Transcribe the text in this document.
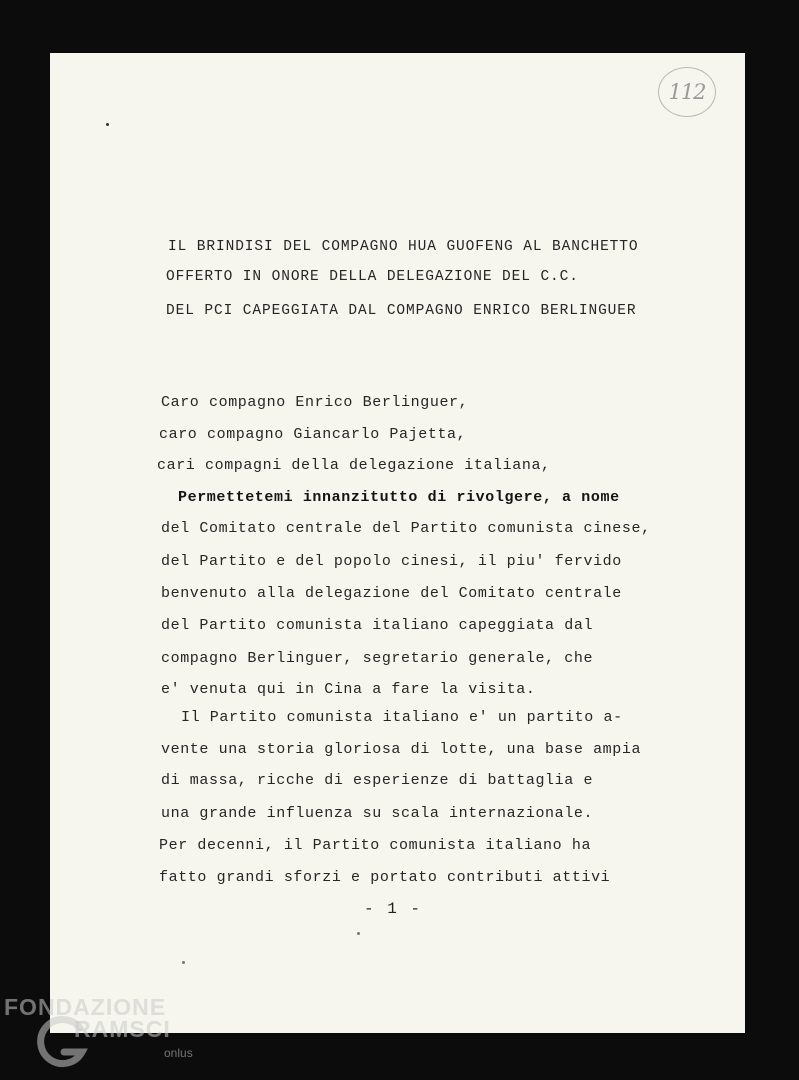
112
IL BRINDISI DEL COMPAGNO HUA GUOFENG AL BANCHETTO
OFFERTO IN ONORE DELLA DELEGAZIONE DEL C.C.
DEL PCI CAPEGGIATA DAL COMPAGNO ENRICO BERLINGUER
Caro compagno Enrico Berlinguer,
caro compagno Giancarlo Pajetta,
cari compagni della delegazione italiana,
Permettetemi innanzitutto di rivolgere, a nome
del Comitato centrale del Partito comunista cinese,
del Partito e del popolo cinesi, il piu' fervido
benvenuto alla delegazione del Comitato centrale
del Partito comunista italiano capeggiata dal
compagno Berlinguer, segretario generale, che
e' venuta qui in Cina a fare la visita.
Il Partito comunista italiano e' un partito a-
vente una storia gloriosa di lotte, una base ampia
di massa, ricche di esperienze di battaglia e
una grande influenza su scala internazionale.
Per decenni, il Partito comunista italiano ha
fatto grandi sforzi e portato contributi attivi
- 1 -
FONDAZIONE
RAMSCI
onlus
